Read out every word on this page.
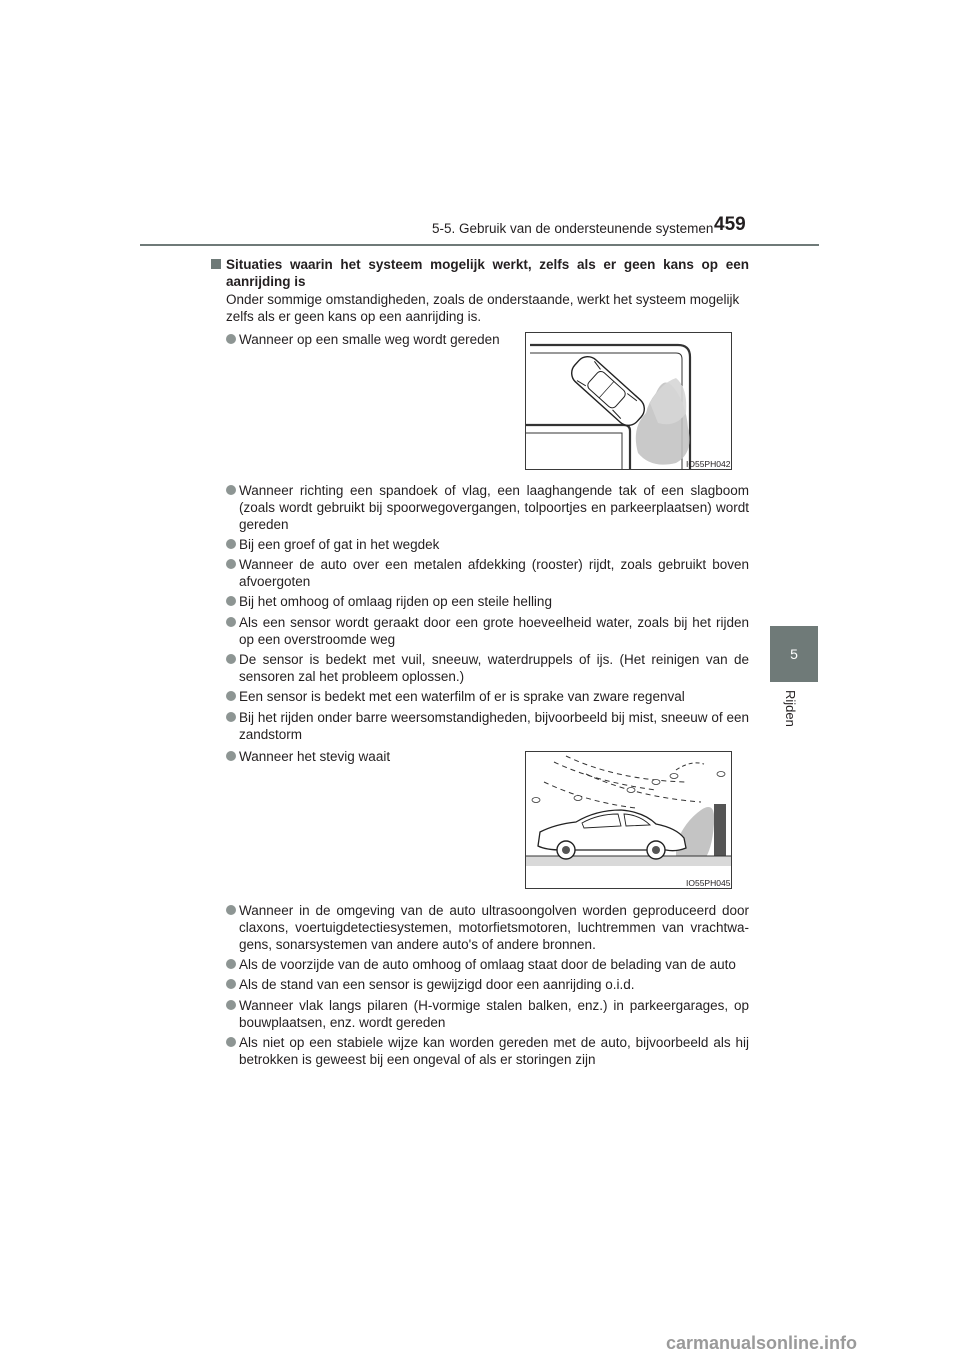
5-5. Gebruik van de ondersteunende systemen 459
5
Rijden
Situaties waarin het systeem mogelijk werkt, zelfs als er geen kans op een aanrijding is
Onder sommige omstandigheden, zoals de onderstaande, werkt het systeem mogelijk zelfs als er geen kans op een aanrijding is.
Wanneer op een smalle weg wordt gereden
IO55PH042
Wanneer richting een spandoek of vlag, een laaghangende tak of een slagboom (zoals wordt gebruikt bij spoorwegovergangen, tolpoortjes en parkeerplaatsen) wordt gereden
Bij een groef of gat in het wegdek
Wanneer de auto over een metalen afdekking (rooster) rijdt, zoals gebruikt boven afvoergoten
Bij het omhoog of omlaag rijden op een steile helling
Als een sensor wordt geraakt door een grote hoeveelheid water, zoals bij het rijden op een overstroomde weg
De sensor is bedekt met vuil, sneeuw, waterdruppels of ijs. (Het reinigen van de sensoren zal het probleem oplossen.)
Een sensor is bedekt met een waterfilm of er is sprake van zware regenval
Bij het rijden onder barre weersomstandigheden, bijvoorbeeld bij mist, sneeuw of een zandstorm
Wanneer het stevig waait
IO55PH045
Wanneer in de omgeving van de auto ultrasoongolven worden geproduceerd door claxons, voertuigdetectiesystemen, motorfietsmotoren, luchtremmen van vrachtwa-gens, sonarsystemen van andere auto's of andere bronnen.
Als de voorzijde van de auto omhoog of omlaag staat door de belading van de auto
Als de stand van een sensor is gewijzigd door een aanrijding o.i.d.
Wanneer vlak langs pilaren (H-vormige stalen balken, enz.) in parkeergarages, op bouwplaatsen, enz. wordt gereden
Als niet op een stabiele wijze kan worden gereden met de auto, bijvoorbeeld als hij betrokken is geweest bij een ongeval of als er storingen zijn
carmanualsonline.info
